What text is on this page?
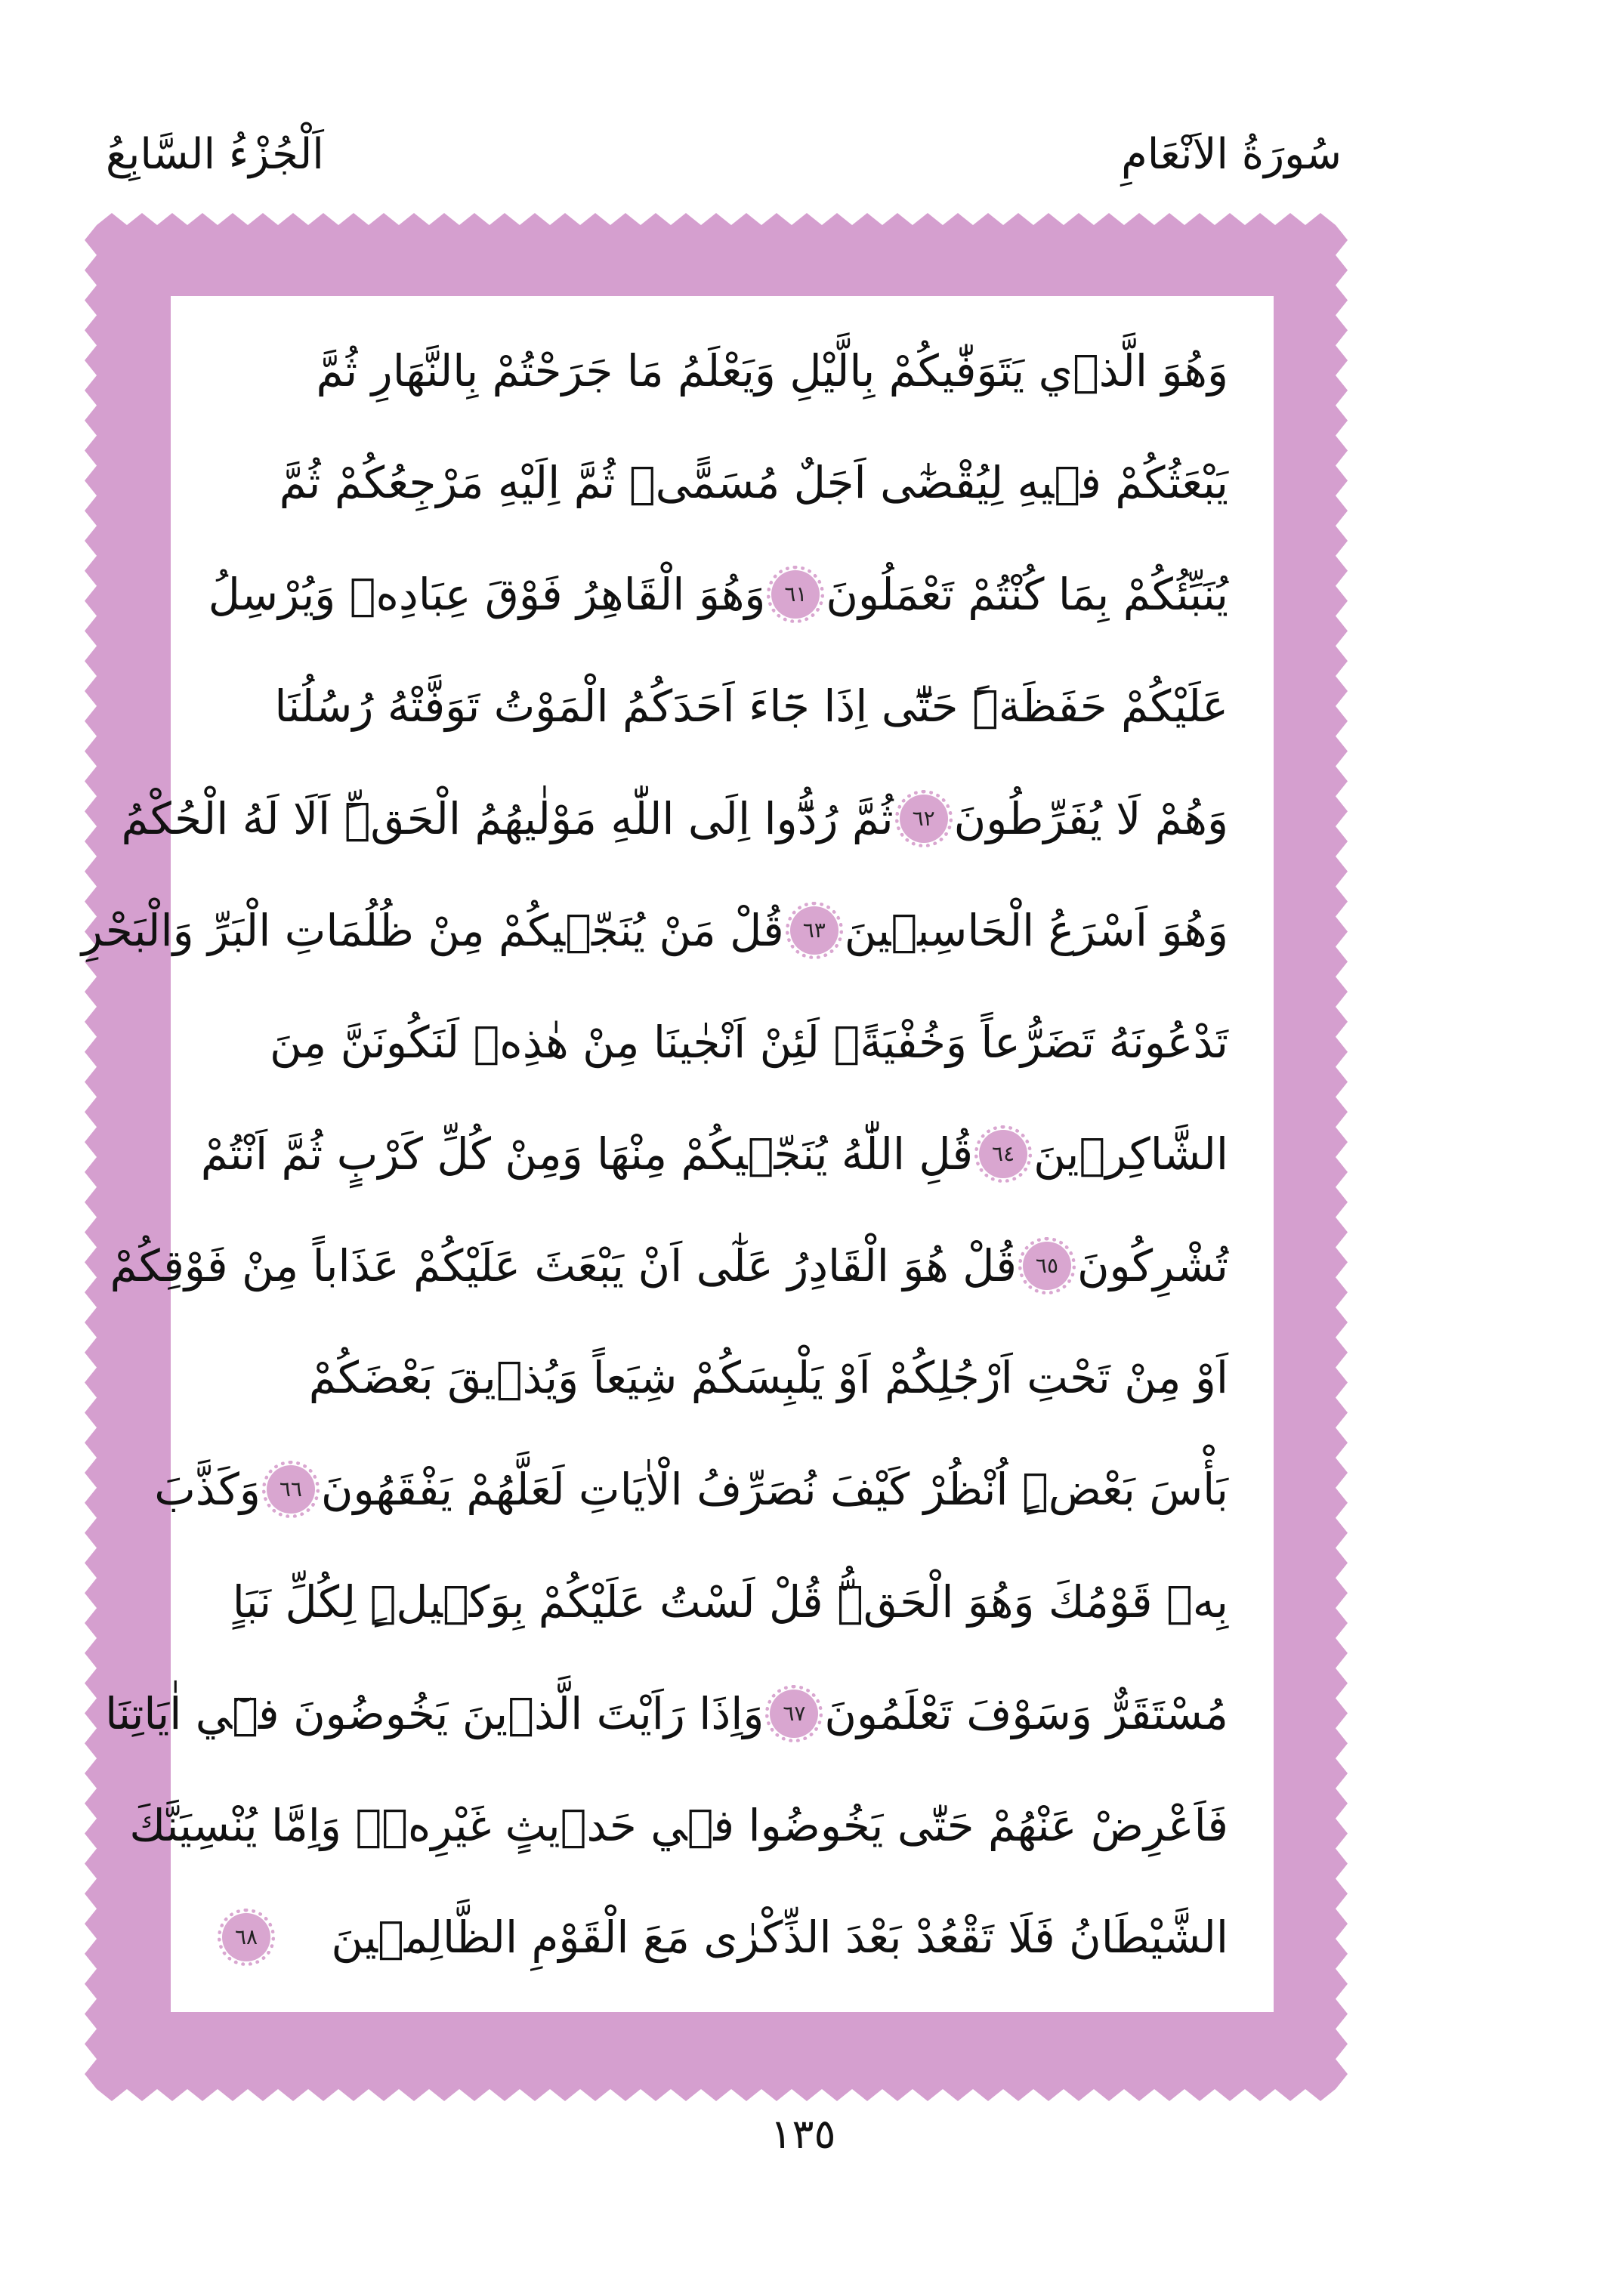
سُورَةُ الاَنْعَامِ
اَلْجُزْءُ السَّابِعُ
وَهُوَ الَّذ۪ي يَتَوَفّٰيكُمْ بِالَّيْلِ وَيَعْلَمُ مَا جَرَحْتُمْ بِالنَّهَارِ ثُمَّ
يَبْعَثُكُمْ ف۪يهِ لِيُقْضٰٓى اَجَلٌ مُسَمًّىۚ ثُمَّ اِلَيْهِ مَرْجِعُكُمْ ثُمَّ
يُنَبِّئُكُمْ بِمَا كُنْتُمْ تَعْمَلُونَ
٦١
وَهُوَ الْقَاهِرُ فَوْقَ عِبَادِه۪ وَيُرْسِلُ
عَلَيْكُمْ حَفَظَةًۜ حَتّٰٓى اِذَا جَٓاءَ اَحَدَكُمُ الْمَوْتُ تَوَفَّتْهُ رُسُلُنَا
وَهُمْ لَا يُفَرِّطُونَ
٦٢
ثُمَّ رُدُّٓوا اِلَى اللّٰهِ مَوْلٰيهُمُ الْحَقِّۜ اَلَا لَهُ الْحُكْمُ
وَهُوَ اَسْرَعُ الْحَاسِب۪ينَ
٦٣
قُلْ مَنْ يُنَجّ۪يكُمْ مِنْ ظُلُمَاتِ الْبَرِّ وَالْبَحْرِ
تَدْعُونَهُ تَضَرُّعاً وَخُفْيَةًۚ لَئِنْ اَنْجٰينَا مِنْ هٰذِه۪ لَنَكُونَنَّ مِنَ
الشَّاكِر۪ينَ
٦٤
قُلِ اللّٰهُ يُنَجّ۪يكُمْ مِنْهَا وَمِنْ كُلِّ كَرْبٍ ثُمَّ اَنْتُمْ
تُشْرِكُونَ
٦٥
قُلْ هُوَ الْقَادِرُ عَلٰٓى اَنْ يَبْعَثَ عَلَيْكُمْ عَذَاباً مِنْ فَوْقِكُمْ
اَوْ مِنْ تَحْتِ اَرْجُلِكُمْ اَوْ يَلْبِسَكُمْ شِيَعاً وَيُذ۪يقَ بَعْضَكُمْ
بَأْسَ بَعْضٍۜ اُنْظُرْ كَيْفَ نُصَرِّفُ الْاٰيَاتِ لَعَلَّهُمْ يَفْقَهُونَ
٦٦
وَكَذَّبَ
بِه۪ قَوْمُكَ وَهُوَ الْحَقُّۜ قُلْ لَسْتُ عَلَيْكُمْ بِوَك۪يلٍۜ لِكُلِّ نَبَاٍ
مُسْتَقَرٌّ وَسَوْفَ تَعْلَمُونَ
٦٧
وَاِذَا رَاَيْتَ الَّذ۪ينَ يَخُوضُونَ ف۪ٓي اٰيَاتِنَا
فَاَعْرِضْ عَنْهُمْ حَتّٰى يَخُوضُوا ف۪ي حَد۪يثٍ غَيْرِه۪ۜ وَاِمَّا يُنْسِيَنَّكَ
الشَّيْطَانُ فَلَا تَقْعُدْ بَعْدَ الذِّكْرٰى مَعَ الْقَوْمِ الظَّالِم۪ينَ
٦٨
١٣٥
